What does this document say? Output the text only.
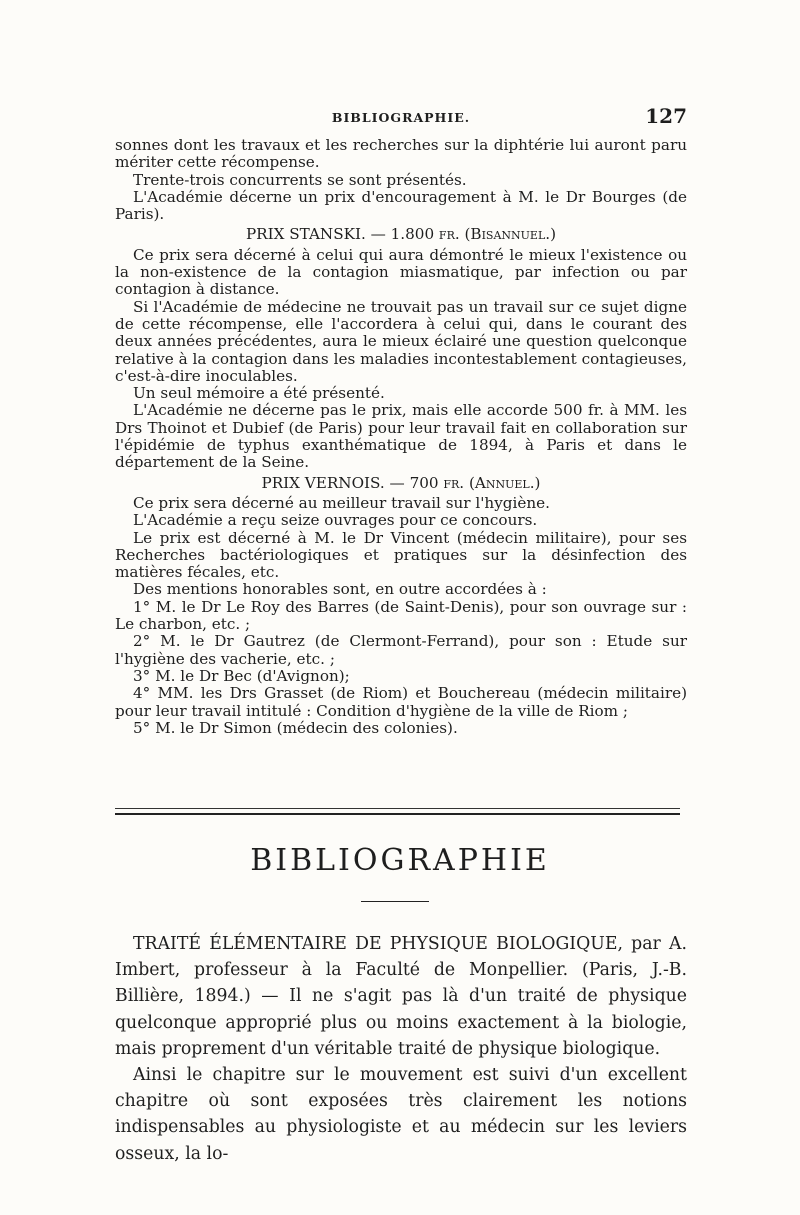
BIBLIOGRAPHIE.	127

sonnes dont les travaux et les recherches sur la diphtérie lui auront paru mériter cette récompense.

Trente-trois concurrents se sont présentés.

L'Académie décerne un prix d'encouragement à M. le Dr Bourges (de Paris).

PRIX STANSKI. — 1.800 fr. (Bisannuel.)

Ce prix sera décerné à celui qui aura démontré le mieux l'existence ou la non-existence de la contagion miasmatique, par infection ou par contagion à distance.

Si l'Académie de médecine ne trouvait pas un travail sur ce sujet digne de cette récompense, elle l'accordera à celui qui, dans le courant des deux années précédentes, aura le mieux éclairé une question quelconque relative à la contagion dans les maladies incontestablement contagieuses, c'est-à-dire inoculables.

Un seul mémoire a été présenté.

L'Académie ne décerne pas le prix, mais elle accorde 500 fr. à MM. les Drs Thoinot et Dubief (de Paris) pour leur travail fait en collaboration sur l'épidémie de typhus exanthématique de 1894, à Paris et dans le département de la Seine.

PRIX VERNOIS. — 700 fr. (Annuel.)

Ce prix sera décerné au meilleur travail sur l'hygiène.

L'Académie a reçu seize ouvrages pour ce concours.

Le prix est décerné à M. le Dr Vincent (médecin militaire), pour ses Recherches bactériologiques et pratiques sur la désinfection des matières fécales, etc.

Des mentions honorables sont, en outre accordées à :

1° M. le Dr Le Roy des Barres (de Saint-Denis), pour son ouvrage sur : Le charbon, etc. ;

2° M. le Dr Gautrez (de Clermont-Ferrand), pour son : Etude sur l'hygiène des vacherie, etc. ;

3° M. le Dr Bec (d'Avignon);

4° MM. les Drs Grasset (de Riom) et Bouchereau (médecin militaire) pour leur travail intitulé : Condition d'hygiène de la ville de Riom ;

5° M. le Dr Simon (médecin des colonies).

BIBLIOGRAPHIE

TRAITÉ ÉLÉMENTAIRE DE PHYSIQUE BIOLOGIQUE, par A. Imbert, professeur à la Faculté de Monpellier. (Paris, J.-B. Billière, 1894.) — Il ne s'agit pas là d'un traité de physique quelconque approprié plus ou moins exactement à la biologie, mais proprement d'un véritable traité de physique biologique.

Ainsi le chapitre sur le mouvement est suivi d'un excellent chapitre où sont exposées très clairement les notions indispensables au physiologiste et au médecin sur les leviers osseux, la lo-
